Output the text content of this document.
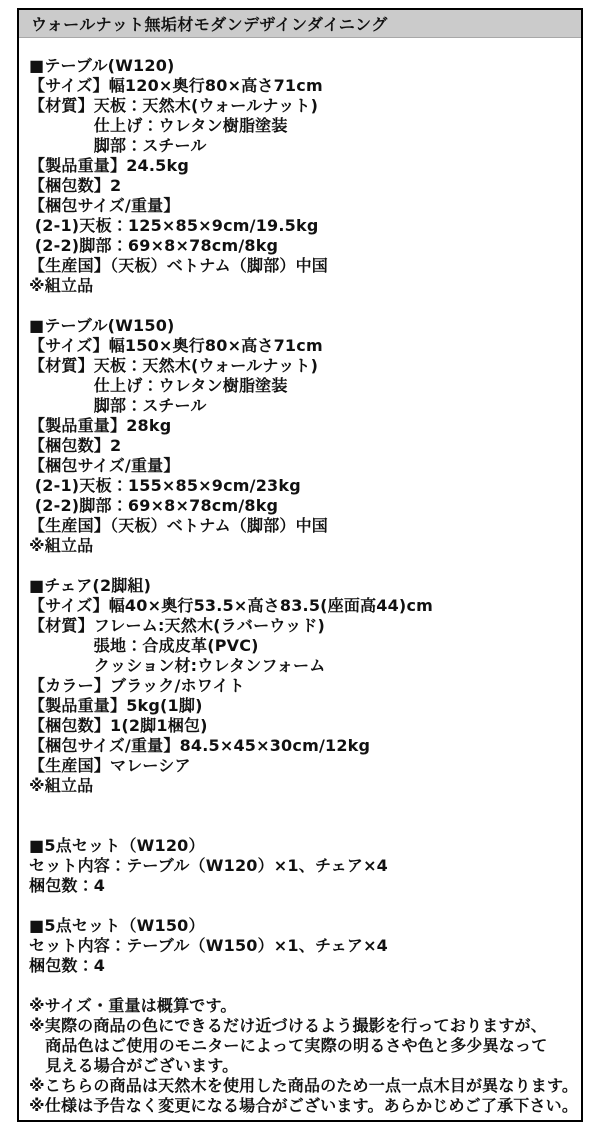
ウォールナット無垢材モダンデザインダイニング
■テーブル(W120)
【サイズ】幅120×奥行80×高さ71cm
【材質】天板：天然木(ウォールナット)
　　　　仕上げ：ウレタン樹脂塗装
　　　　脚部：スチール
【製品重量】24.5kg
【梱包数】2
【梱包サイズ/重量】
(2-1)天板：125×85×9cm/19.5kg
(2-2)脚部：69×8×78cm/8kg
【生産国】（天板）ベトナム（脚部）中国
※組立品
■テーブル(W150)
【サイズ】幅150×奥行80×高さ71cm
【材質】天板：天然木(ウォールナット)
　　　　仕上げ：ウレタン樹脂塗装
　　　　脚部：スチール
【製品重量】28kg
【梱包数】2
【梱包サイズ/重量】
(2-1)天板：155×85×9cm/23kg
(2-2)脚部：69×8×78cm/8kg
【生産国】（天板）ベトナム（脚部）中国
※組立品
■チェア(2脚組)
【サイズ】幅40×奥行53.5×高さ83.5(座面高44)cm
【材質】フレーム:天然木(ラバーウッド)
　　　　張地：合成皮革(PVC)
　　　　クッション材:ウレタンフォーム
【カラー】ブラック/ホワイト
【製品重量】5kg(1脚)
【梱包数】1(2脚1梱包)
【梱包サイズ/重量】84.5×45×30cm/12kg
【生産国】マレーシア
※組立品
■5点セット（W120）
セット内容：テーブル（W120）×1、チェア×4
梱包数：4
■5点セット（W150）
セット内容：テーブル（W150）×1、チェア×4
梱包数：4
※サイズ・重量は概算です。
※実際の商品の色にできるだけ近づけるよう撮影を行っておりますが、
　商品色はご使用のモニターによって実際の明るさや色と多少異なって
　見える場合がございます。
※こちらの商品は天然木を使用した商品のため一点一点木目が異なります。
※仕様は予告なく変更になる場合がございます。あらかじめご了承下さい。
